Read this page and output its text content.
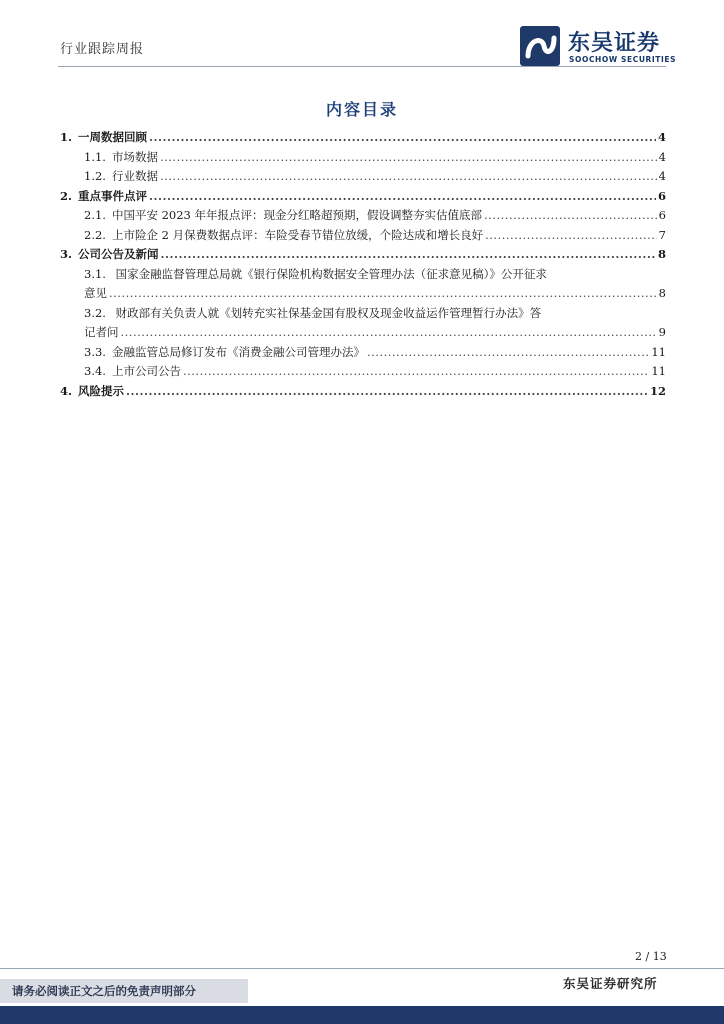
行业跟踪周报	东吴证券
SOOCHOW SECURITIES
内容目录
1. 一周数据回顾 .....	4
1.1. 市场数据 .....	4
1.2. 行业数据 .....	4
2. 重点事件点评 .....	6
2.1. 中国平安 2023 年年报点评：现金分红略超预期，假设调整夯实估值底部 .....	6
2.2. 上市险企 2 月保费数据点评：车险受春节错位放缓，个险达成和增长良好 .....	7
3. 公司公告及新闻 .....	8
3.1. 国家金融监督管理总局就《银行保险机构数据安全管理办法（征求意见稿）》公开征求
意见 .....	8
3.2. 财政部有关负责人就《划转充实社保基金国有股权及现金收益运作管理暂行办法》答
记者问 .....	9
3.3. 金融监管总局修订发布《消费金融公司管理办法》 .....	11
3.4. 上市公司公告 .....	11
4. 风险提示 .....	12
2 / 13
请务必阅读正文之后的免责声明部分	东吴证券研究所
